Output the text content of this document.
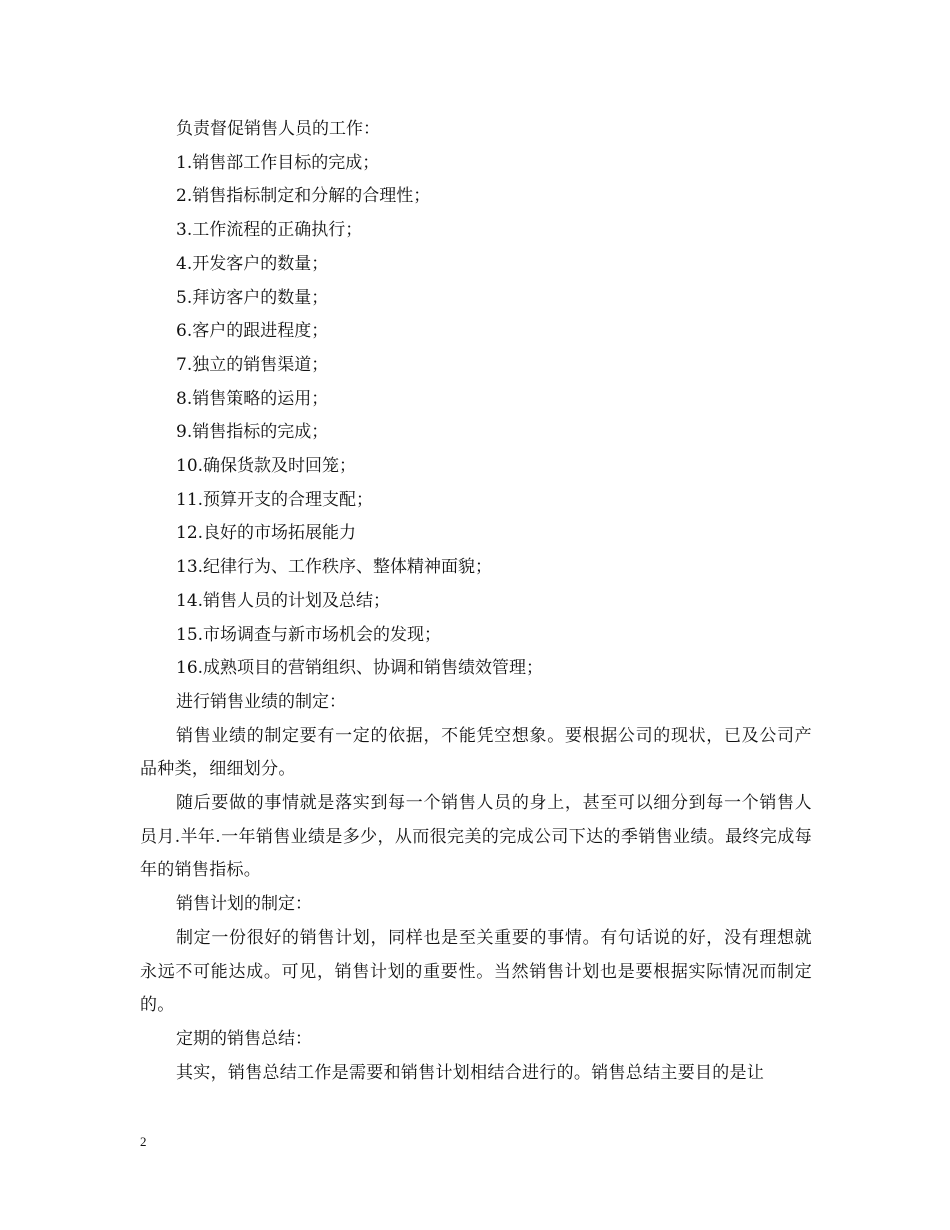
负责督促销售人员的工作：
1.销售部工作目标的完成；
2.销售指标制定和分解的合理性；
3.工作流程的正确执行；
4.开发客户的数量；
5.拜访客户的数量；
6.客户的跟进程度；
7.独立的销售渠道；
8.销售策略的运用；
9.销售指标的完成；
10.确保货款及时回笼；
11.预算开支的合理支配；
12.良好的市场拓展能力
13.纪律行为、工作秩序、整体精神面貌；
14.销售人员的计划及总结；
15.市场调查与新市场机会的发现；
16.成熟项目的营销组织、协调和销售绩效管理；
进行销售业绩的制定：
销售业绩的制定要有一定的依据，不能凭空想象。要根据公司的现状，已及公司产品种类，细细划分。
随后要做的事情就是落实到每一个销售人员的身上，甚至可以细分到每一个销售人员月.半年.一年销售业绩是多少，从而很完美的完成公司下达的季销售业绩。最终完成每年的销售指标。
销售计划的制定：
制定一份很好的销售计划，同样也是至关重要的事情。有句话说的好，没有理想就永远不可能达成。可见，销售计划的重要性。当然销售计划也是要根据实际情况而制定的。
定期的销售总结：
其实，销售总结工作是需要和销售计划相结合进行的。销售总结主要目的是让
2
